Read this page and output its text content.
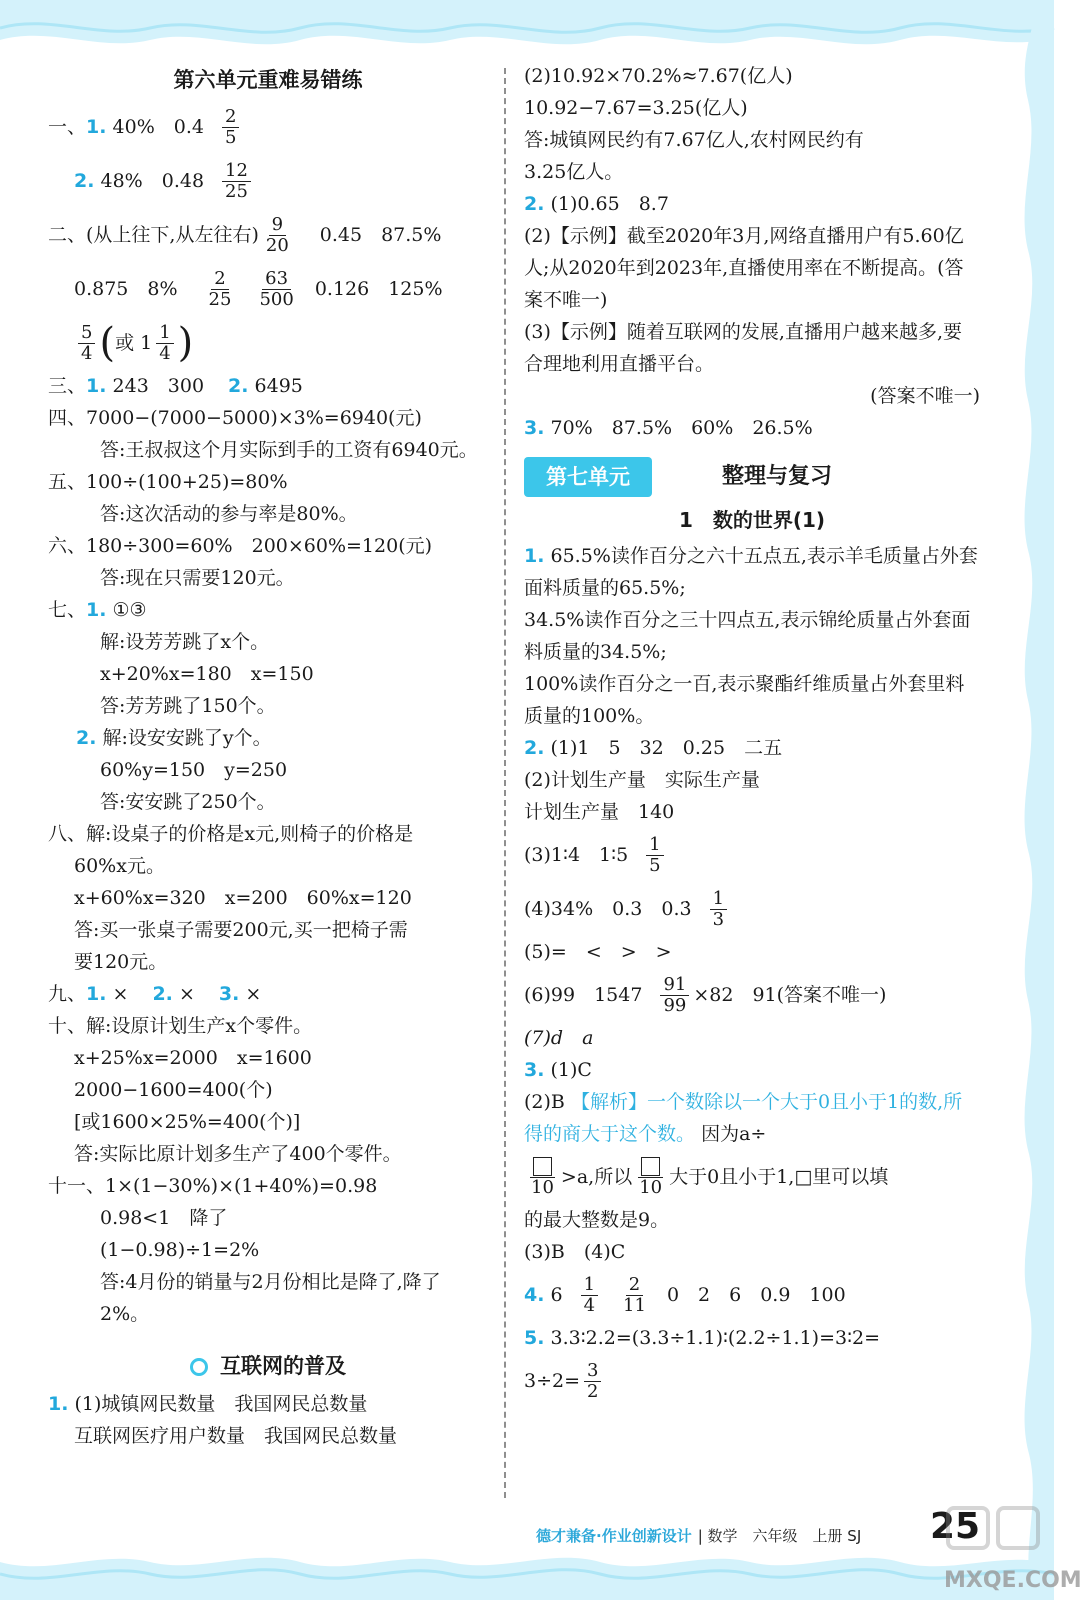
第六单元重难易错练
一、 1.
40%　$0.4 \frac{2}{5}$
2.
48%　$0.48 \frac{12}{25}$
二、(从上往下,从左往右) $\frac{9}{20} 0.45$　87.5%
0.875　$8\% \frac{2}{25} \frac{63}{500} 0.126$　125%
$\frac{5}{4}$ ( 或 $1 \frac{1}{4}$ )
三、1. 243　300 2. 6495
四、7000−(7000−5000)×3%=6940(元)
答:王叔叔这个月实际到手的工资有6940元。
五、100÷(100+25)=80%
答:这次活动的参与率是80%。
六、180÷300=60%　200×60%=120(元)
答:现在只需要120元。
七、1. ①③
解:设芳芳跳了x个。
x+20%x=180　x=150
答:芳芳跳了150个。
2. 解:设安安跳了y个。
60%y=150　y=250
答:安安跳了250个。
八、解:设桌子的价格是x元,则椅子的价格是
60%x元。
x+60%x=320　x=200　60%x=120
答:买一张桌子需要200元,买一把椅子需
要120元。
九、1. × 2. × 3. ×
十、解:设原计划生产x个零件。
x+25%x=2000　x=1600
2000−1600=400(个)
[或1600×25%=400(个)]
答:实际比原计划多生产了400个零件。
十一、1×(1−30%)×(1+40%)=0.98
0.98<1　降了
(1−0.98)÷1=2%
答:4月份的销量与2月份相比是降了,降了
2%。
互联网的普及
1. (1)城镇网民数量　我国网民总数量
互联网医疗用户数量　我国网民总数量
(2)10.92×70.2%≈7.67(亿人)
10.92−7.67=3.25(亿人)
答:城镇网民约有7.67亿人,农村网民约有
3.25亿人。
2. (1)0.65　8.7
(2)【示例】截至2020年3月,网络直播用户有5.60亿人;从2020年到2023年,直播使用率在不断提高。(答案不唯一)
(3)【示例】随着互联网的发展,直播用户越来越多,要合理地利用直播平台。
(答案不唯一)
3. 70%　87.5%　60%　26.5%
第七单元	整理与复习
1　数的世界(1)
1. 65.5%读作百分之六十五点五,表示羊毛质量占外套面料质量的65.5%;
34.5%读作百分之三十四点五,表示锦纶质量占外套面料质量的34.5%;
100%读作百分之一百,表示聚酯纤维质量占外套里料质量的100%。
2. (1)1　5　32　0.25　二五
(2)计划生产量　实际生产量
计划生产量　140
(3)1∶4　1∶5 $\frac{1}{5}$
(4)34%　0.3　0.3̇ $\frac{1}{3}$
(5)=　<　>　>
(6)99　$1547 \frac{91}{99} \times 82$　91(答案不唯一)
(7)d　a
3. (1)C
(2)B 【解析】一个数除以一个大于0且小于1的数,所得的商大于这个数。 因为a÷
10 >a,所以 10 大于0且小于1,□里可以填
的最大整数是9。
(3)B　(4)C
4.
$6 \frac{1}{4} \frac{2}{11} 0$　2　6　0.9　100
5. 3.3∶2.2=(3.3÷1.1)∶(2.2÷1.1)=3∶2=
$3\div 2= \frac{3}{2}$
德才兼备·作业创新设计 | 数学　六年级　上册 SJ 25
MXQE.COM
